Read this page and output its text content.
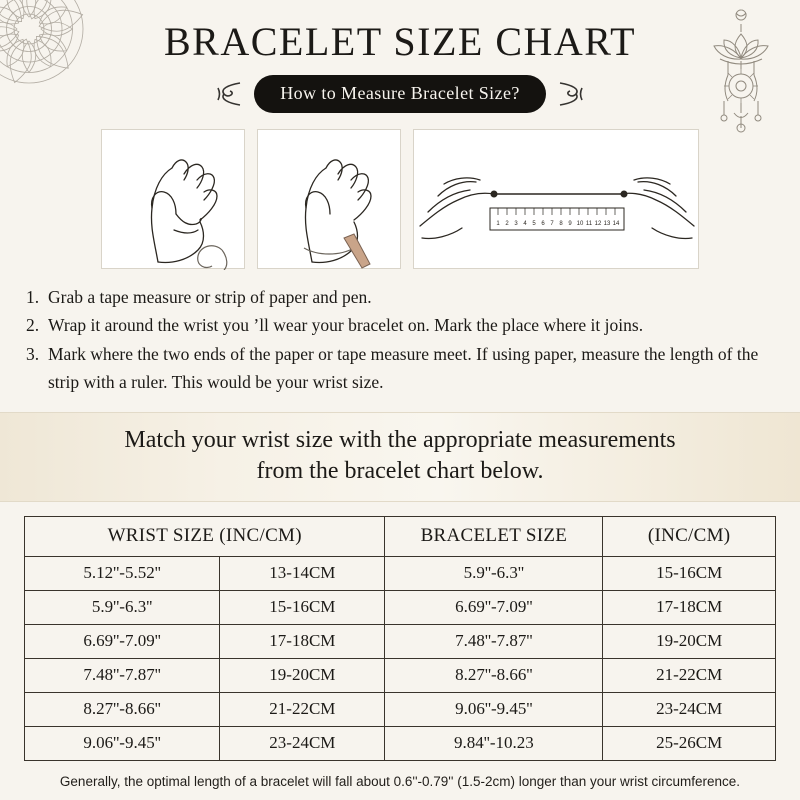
BRACELET SIZE CHART
How to Measure Bracelet Size?
1 2 3 4 5 6 7 8 9 10 11 12 13 14
1. Grab a tape measure or strip of paper and pen.
2. Wrap it around the wrist you ʼll wear your bracelet on. Mark the place where it joins.
3. Mark where the two ends of the paper or tape measure meet. If using paper, measure the length of the strip with a ruler. This would be your wrist size.
Match your wrist size with the appropriate measurements
from the bracelet chart below.
WRIST SIZE (INC/CM)		BRACELET SIZE	(INC/CM)
5.12''-5.52''	13-14CM	5.9''-6.3''	15-16CM
5.9''-6.3''	15-16CM	6.69''-7.09''	17-18CM
6.69''-7.09''	17-18CM	7.48''-7.87''	19-20CM
7.48''-7.87''	19-20CM	8.27''-8.66''	21-22CM
8.27''-8.66''	21-22CM	9.06''-9.45''	23-24CM
9.06''-9.45''	23-24CM	9.84''-10.23	25-26CM
Generally, the optimal length of a bracelet will fall about 0.6''-0.79'' (1.5-2cm) longer than your wrist circumference.
